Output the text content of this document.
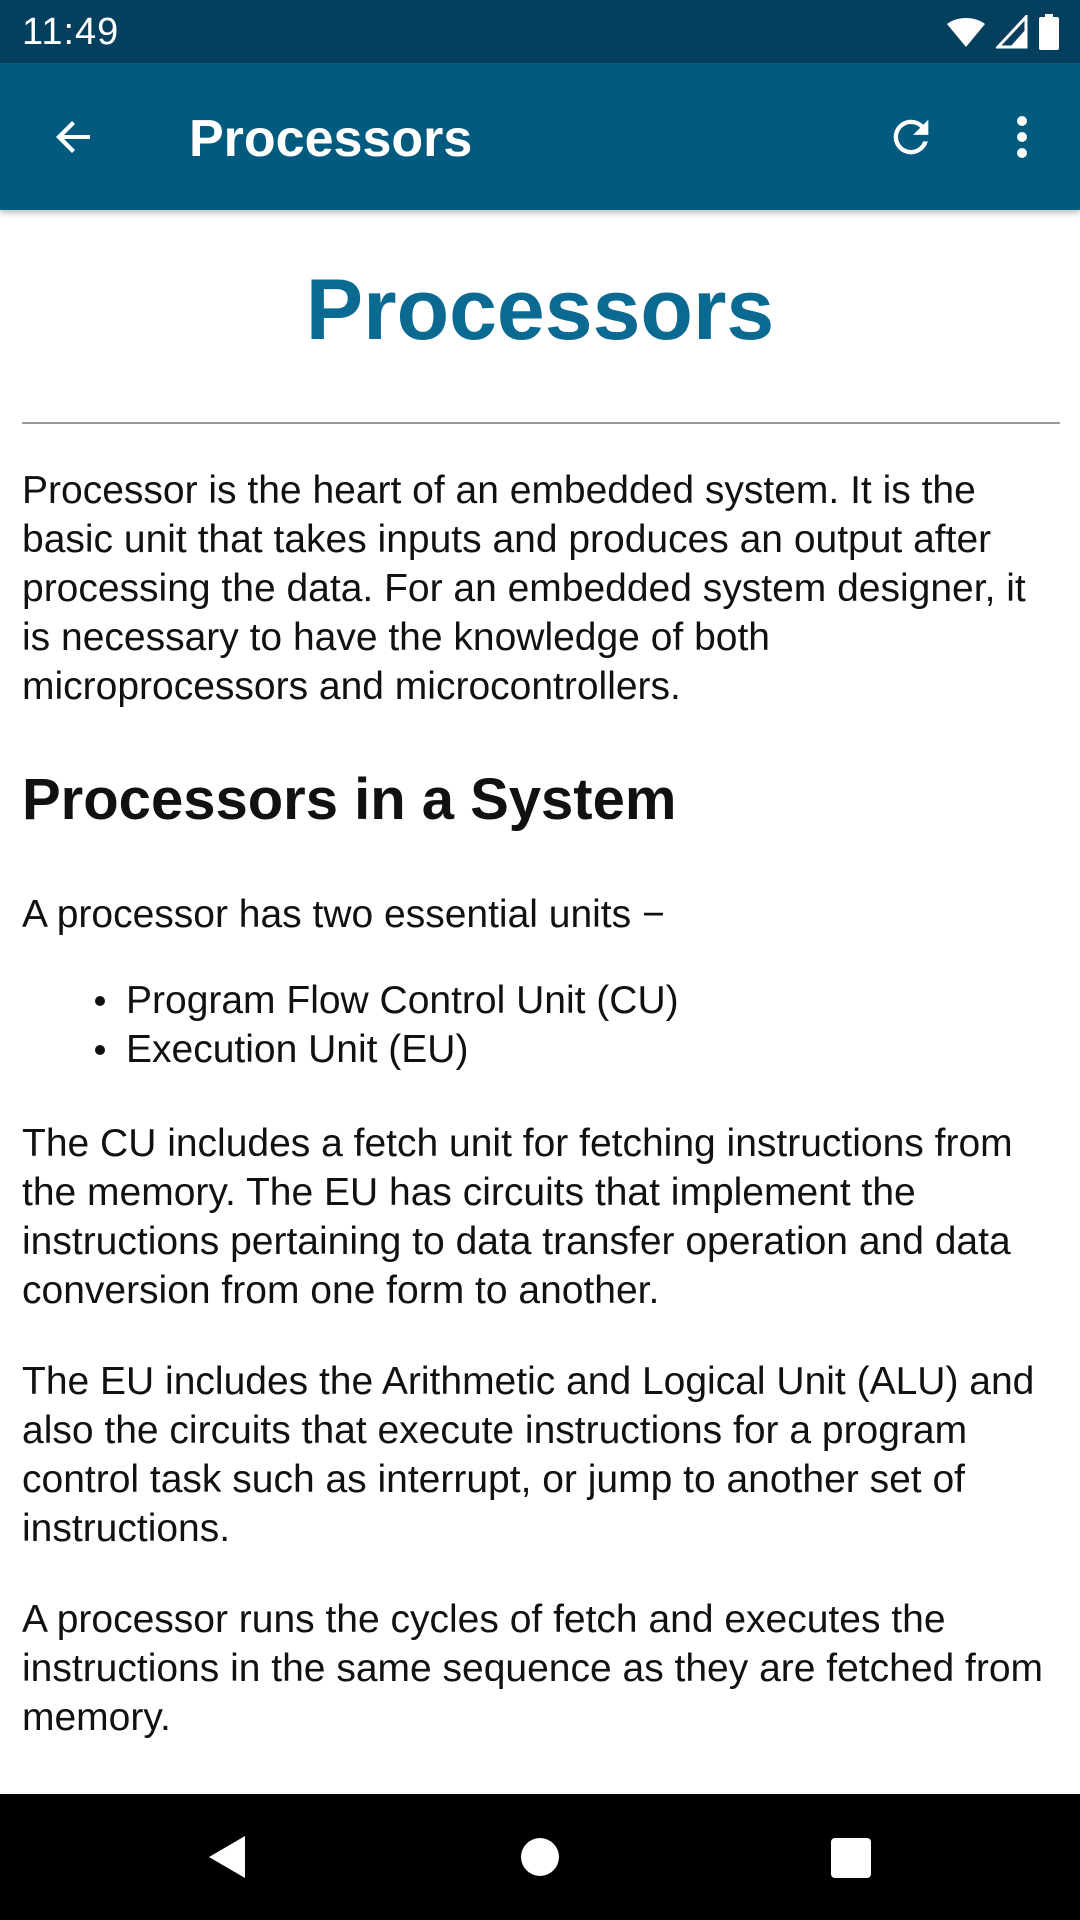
11:49
Processors
Processors

Processor is the heart of an embedded system. It is the basic unit that takes inputs and produces an output after processing the data. For an embedded system designer, it is necessary to have the knowledge of both microprocessors and microcontrollers.

Processors in a System

A processor has two essential units −

Program Flow Control Unit (CU)
Execution Unit (EU)

The CU includes a fetch unit for fetching instructions from the memory. The EU has circuits that implement the instructions pertaining to data transfer operation and data conversion from one form to another.

The EU includes the Arithmetic and Logical Unit (ALU) and also the circuits that execute instructions for a program control task such as interrupt, or jump to another set of instructions.

A processor runs the cycles of fetch and executes the instructions in the same sequence as they are fetched from memory.
